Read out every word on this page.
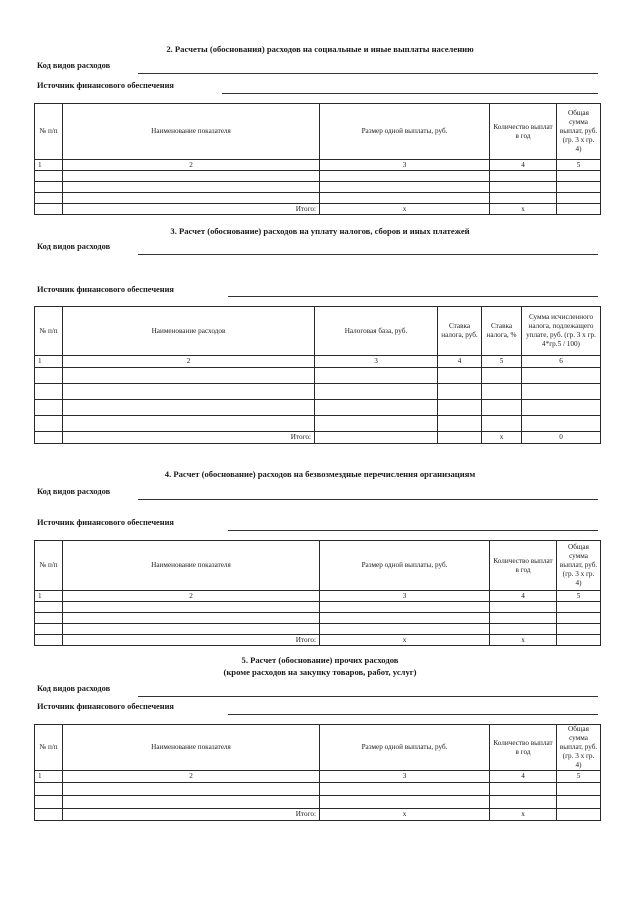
2. Расчеты (обоснования) расходов на социальные и иные выплаты населению
Код видов расходов
Источник финансового обеспечения
№ п/п	Наименование показателя	Размер одной выплаты, руб.	Количество выплат в год	Общая сумма выплат, руб. (гр. 3 х гр. 4)
1	2	3	4	5

	Итого:	x	x	
3. Расчет (обоснование) расходов на уплату налогов, сборов и иных платежей
Код видов расходов
Источник финансового обеспечения
№ п/п	Наименование расходов	Налоговая база, руб.	Ставка налога, руб.	Ставка налога, %	Сумма исчисленного налога, подлежащего уплате, руб. (гр. 3 х гр. 4*гр.5 / 100)
1	2	3	4	5	6

	Итого:			x	0
4. Расчет (обоснование) расходов на безвозмездные перечисления организациям
Код видов расходов
Источник финансового обеспечения
№ п/п	Наименование показателя	Размер одной выплаты, руб.	Количество выплат в год	Общая сумма выплат, руб. (гр. 3 х гр. 4)
1	2	3	4	5

	Итого:	x	x	
5. Расчет (обоснование) прочих расходов
(кроме расходов на закупку товаров, работ, услуг)
Код видов расходов
Источник финансового обеспечения
№ п/п	Наименование показателя	Размер одной выплаты, руб.	Количество выплат в год	Общая сумма выплат, руб. (гр. 3 х гр. 4)
1	2	3	4	5

	Итого:	x	x	
